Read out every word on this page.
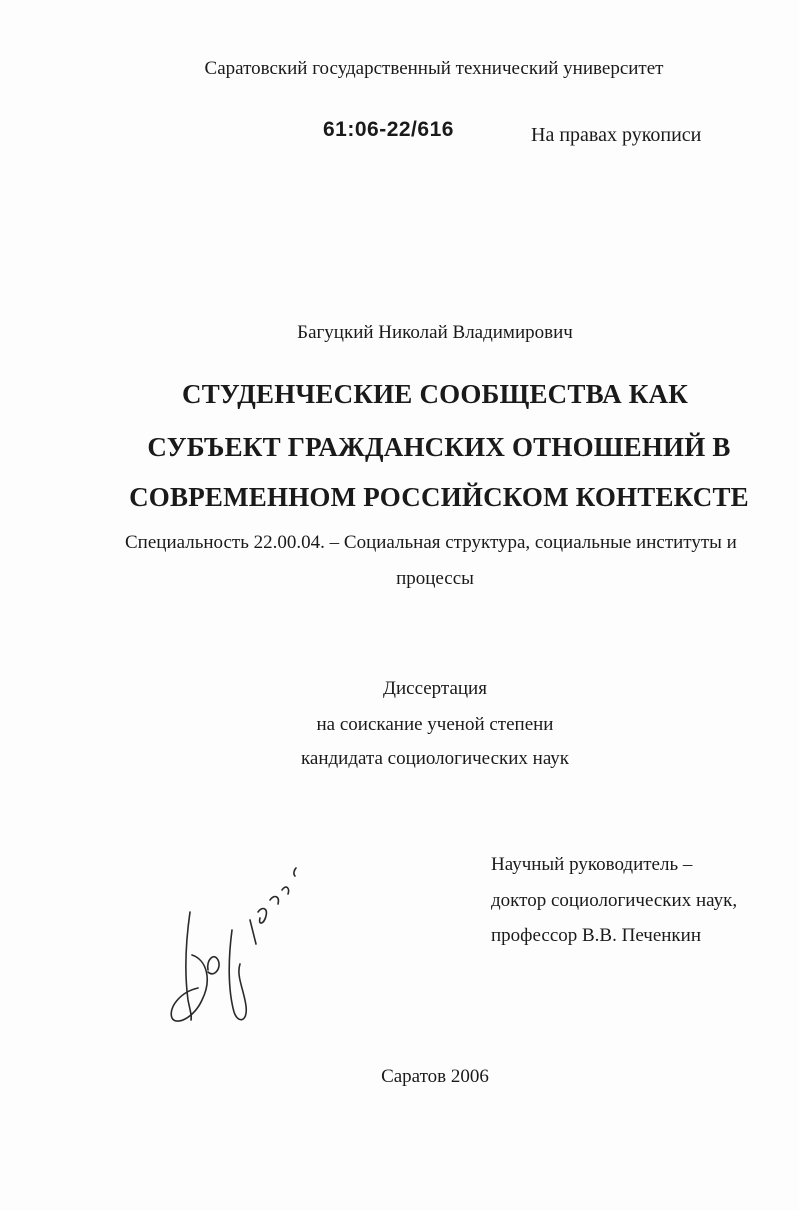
Саратовский государственный технический университет
61:06-22/616	На правах рукописи
Багуцкий Николай Владимирович
СТУДЕНЧЕСКИЕ СООБЩЕСТВА КАК
СУБЪЕКТ ГРАЖДАНСКИХ ОТНОШЕНИЙ В
СОВРЕМЕННОМ РОССИЙСКОМ КОНТЕКСТЕ
Специальность 22.00.04. – Социальная структура, социальные институты и
процессы
Диссертация
на соискание ученой степени
кандидата социологических наук
Научный руководитель –
доктор социологических наук,
профессор В.В. Печенкин
Саратов 2006
